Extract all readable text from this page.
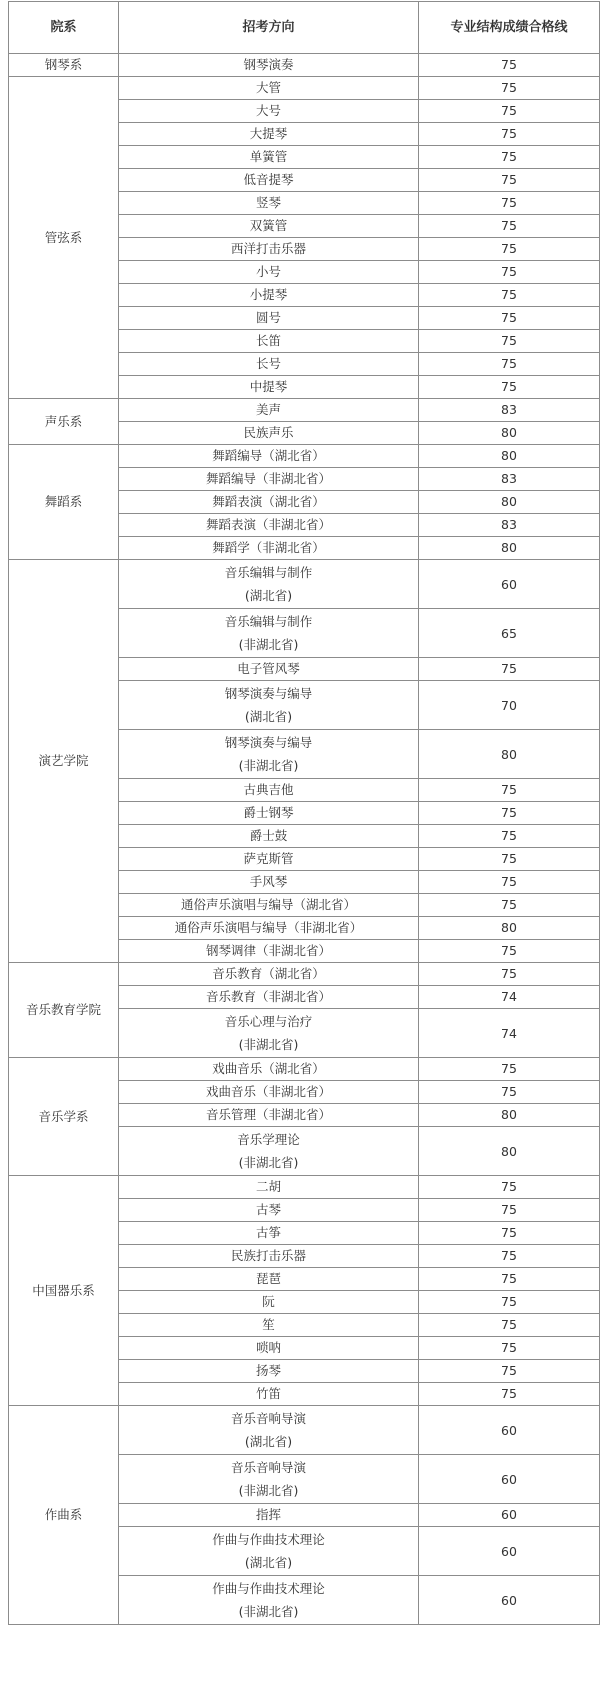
院系	招考方向	专业结构成绩合格线
钢琴系	钢琴演奏	75
管弦系	大管	75

	大号	75

	大提琴	75

	单簧管	75

	低音提琴	75

	竖琴	75

	双簧管	75

	西洋打击乐器	75

	小号	75

	小提琴	75

	圆号	75

	长笛	75

	长号	75

	中提琴	75
声乐系	美声	83

	民族声乐	80
舞蹈系	舞蹈编导（湖北省）	80

	舞蹈编导（非湖北省）	83

	舞蹈表演（湖北省）	80

	舞蹈表演（非湖北省）	83

	舞蹈学（非湖北省）	80
演艺学院	音乐编辑与制作
(湖北省)	60

	音乐编辑与制作
(非湖北省)	65

	电子管风琴	75

	钢琴演奏与编导
(湖北省)	70

	钢琴演奏与编导
(非湖北省)	80

	古典吉他	75

	爵士钢琴	75

	爵士鼓	75

	萨克斯管	75

	手风琴	75

	通俗声乐演唱与编导（湖北省）	75

	通俗声乐演唱与编导（非湖北省）	80

	钢琴调律（非湖北省）	75
音乐教育学院	音乐教育（湖北省）	75

	音乐教育（非湖北省）	74

	音乐心理与治疗
(非湖北省)	74
音乐学系	戏曲音乐（湖北省）	75

	戏曲音乐（非湖北省）	75

	音乐管理（非湖北省）	80

	音乐学理论
(非湖北省)	80
中国器乐系	二胡	75

	古琴	75

	古筝	75

	民族打击乐器	75

	琵琶	75

	阮	75

	笙	75

	唢呐	75

	扬琴	75

	竹笛	75
作曲系	音乐音响导演
(湖北省)	60

	音乐音响导演
(非湖北省)	60

	指挥	60

	作曲与作曲技术理论
(湖北省)	60

	作曲与作曲技术理论
(非湖北省)	60
